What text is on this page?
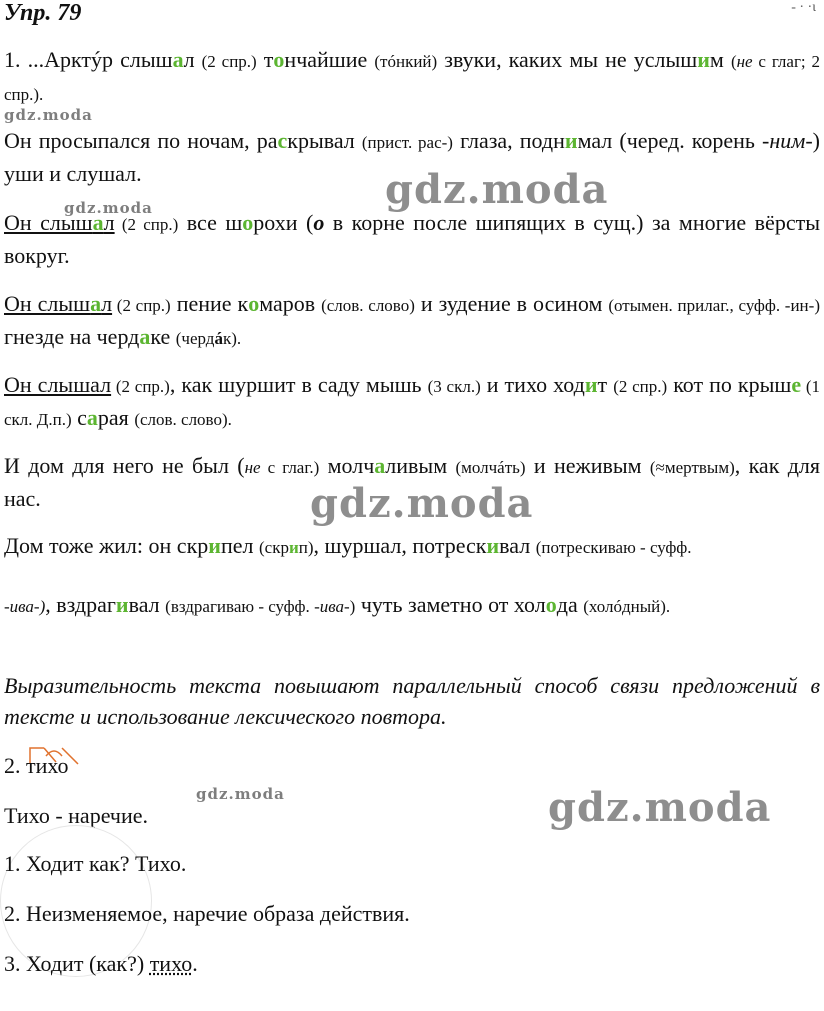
Упр. 79	- · ·ι
1. ...Арктýр слышал (2 спр.) тончайшие (тóнкий) звуки, каких мы не услышим (не с глаг; 2 спр.).
gdz.moda
Он просыпался по ночам, раскрывал (прист. рас-) глаза, поднимал (черед. корень -ним-) уши и слушал.	gdz.moda
Он слышал (2 спр.) все шорохи (о в корне после шипящих в сущ.) за многие вёрсты вокруг.
gdz.moda
Он слышал (2 спр.) пение комаров (слов. слово) и зудение в осином (отымен. прилаг., суфф. -ин-) гнезде на чердаке (чердáк).
Он слышал (2 спр.), как шуршит в саду мышь (3 скл.) и тихо ходит (2 спр.) кот по крыше (1 скл. Д.п.) сарая (слов. слово).
И дом для него не был (не с глаг.) молчаливым (молчáть) и неживым (≈мертвым), как для нас.	gdz.moda
Дом тоже жил: он скрипел (скрип), шуршал, потрескивал (потрескиваю - суфф.
-ива-), вздрагивал (вздрагиваю - суфф. -ива-) чуть заметно от холода (холóдный).
Выразительность текста повышают параллельный способ связи предложений в тексте и использование лексического повтора.
2. тихо
Тихо - наречие.
gdz.moda	gdz.moda
1. Ходит как? Тихо.
2. Неизменяемое, наречие образа действия.
3. Ходит (как?) тихо.
